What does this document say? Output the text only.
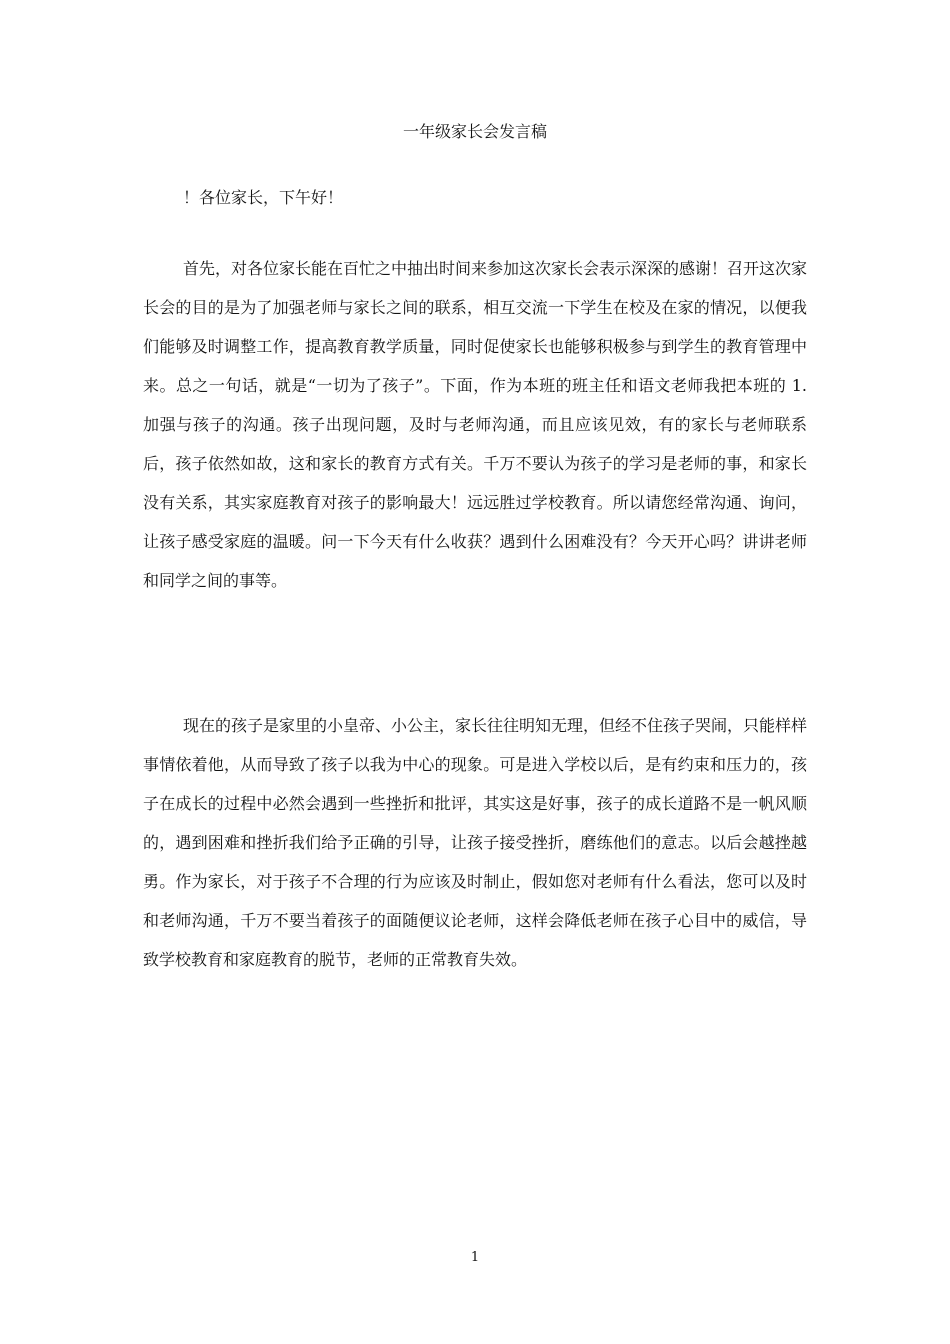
一年级家长会发言稿
！各位家长，下午好！

首先，对各位家长能在百忙之中抽出时间来参加这次家长会表示深深的感谢！召开这次家长会的目的是为了加强老师与家长之间的联系，相互交流一下学生在校及在家的情况，以便我们能够及时调整工作，提高教育教学质量，同时促使家长也能够积极参与到学生的教育管理中来。总之一句话，就是“一切为了孩子”。下面，作为本班的班主任和语文老师我把本班的 1. 加强与孩子的沟通。孩子出现问题，及时与老师沟通，而且应该见效，有的家长与老师联系后，孩子依然如故，这和家长的教育方式有关。千万不要认为孩子的学习是老师的事，和家长没有关系，其实家庭教育对孩子的影响最大！远远胜过学校教育。所以请您经常沟通、询问，让孩子感受家庭的温暖。问一下今天有什么收获？遇到什么困难没有？今天开心吗？讲讲老师和同学之间的事等。

现在的孩子是家里的小皇帝、小公主，家长往往明知无理，但经不住孩子哭闹，只能样样事情依着他，从而导致了孩子以我为中心的现象。可是进入学校以后，是有约束和压力的，孩子在成长的过程中必然会遇到一些挫折和批评，其实这是好事，孩子的成长道路不是一帆风顺的，遇到困难和挫折我们给予正确的引导，让孩子接受挫折，磨练他们的意志。以后会越挫越勇。作为家长，对于孩子不合理的行为应该及时制止，假如您对老师有什么看法，您可以及时和老师沟通，千万不要当着孩子的面随便议论老师，这样会降低老师在孩子心目中的威信，导致学校教育和家庭教育的脱节，老师的正常教育失效。

1
